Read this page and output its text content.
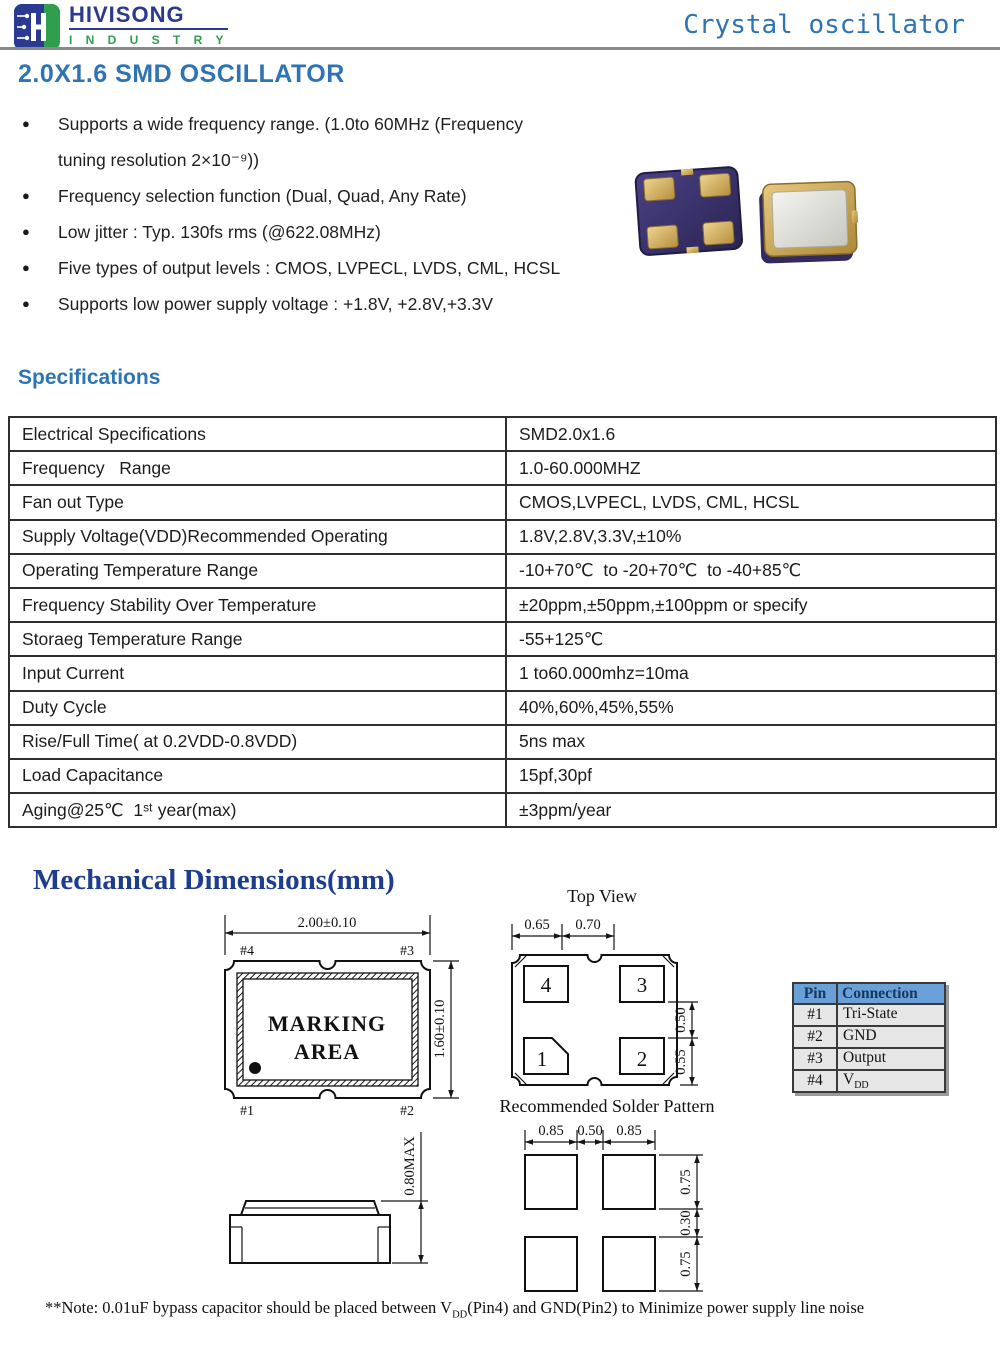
HIVISONG
I N D U S T R Y	Crystal oscillator
2.0X1.6 SMD OSCILLATOR
●	Supports a wide frequency range. (1.0to 60MHz (Frequency
tuning resolution 2×10⁻⁹))
●	Frequency selection function (Dual, Quad, Any Rate)
●	Low jitter : Typ. 130fs rms (@622.08MHz)
●	Five types of output levels : CMOS, LVPECL, LVDS, CML, HCSL
●	Supports low power supply voltage : +1.8V, +2.8V,+3.3V
Specifications
Electrical Specifications	SMD2.0x1.6
Frequency   Range	1.0-60.000MHZ
Fan out Type	CMOS,LVPECL, LVDS, CML, HCSL
Supply Voltage(VDD)Recommended Operating	1.8V,2.8V,3.3V,±10%
Operating Temperature Range	-10+70℃  to -20+70℃  to -40+85℃
Frequency Stability Over Temperature	±20ppm,±50ppm,±100ppm or specify
Storaeg Temperature Range	-55+125℃
Input Current	1 to60.000mhz=10ma
Duty Cycle	40%,60%,45%,55%
Rise/Full Time( at 0.2VDD-0.8VDD)	5ns max
Load Capacitance	15pf,30pf
Aging@25℃  1ˢᵗ year(max)	±3ppm/year
Mechanical Dimensions(mm)	Top View
Recommended Solder Pattern
2.00±0.10
#4	#3
MARKING
AREA	1.60±0.10
#1	#2
0.65 0.70
4	3
1	2
0.50
0.55
Pin	Connection
#1	Tri-State
#2	GND
#3	Output
#4	$V_{DD}$
0.85 0.50 0.85
0.75
0.30
0.75
0.80MAX
**Note: 0.01uF bypass capacitor should be placed between $V_{DD}(Pin4)$ and GND(Pin2) to Minimize power supply line noise
